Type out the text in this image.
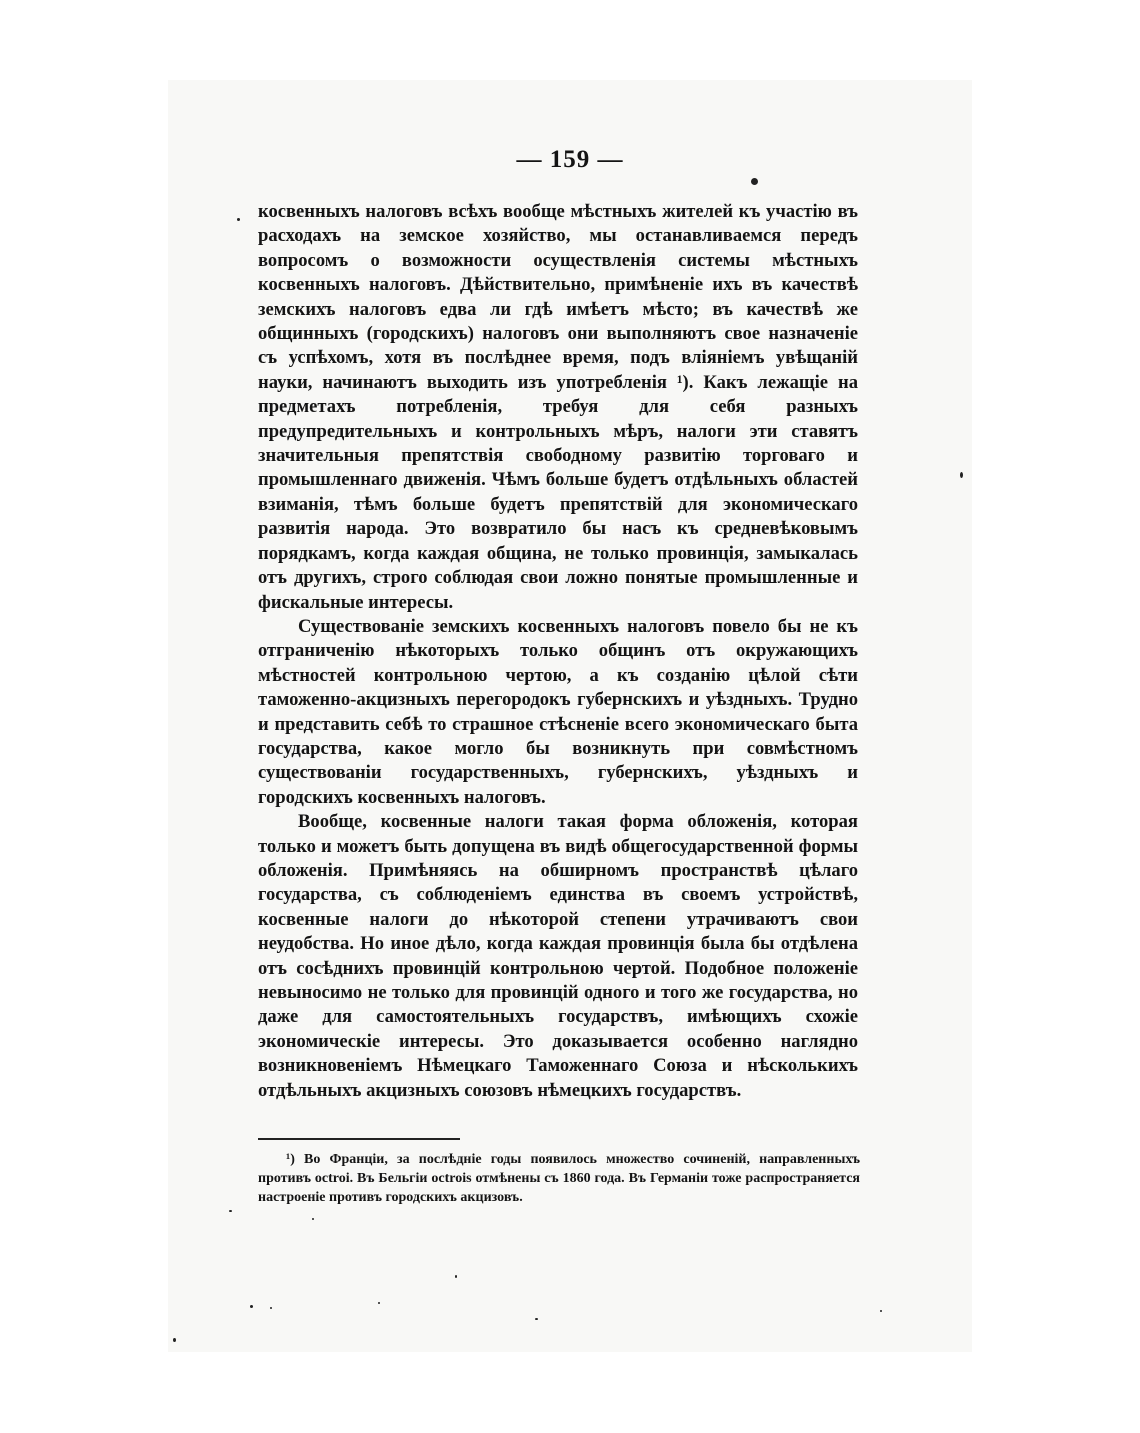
— 159 —

косвенныхъ налоговъ всѣхъ вообще мѣстныхъ жителей къ участію въ расходахъ на земское хозяйство, мы останавливаемся передъ вопросомъ о возможности осуществленія системы мѣстныхъ косвенныхъ налоговъ. Дѣйствительно, примѣненіе ихъ въ качествѣ земскихъ налоговъ едва ли гдѣ имѣетъ мѣсто; въ качествѣ же общинныхъ (городскихъ) налоговъ они выполняютъ свое назначеніе съ успѣхомъ, хотя въ послѣднее время, подъ вліяніемъ увѣщаній науки, начинаютъ выходить изъ употребленія ¹). Какъ лежащіе на предметахъ потребленія, требуя для себя разныхъ предупредительныхъ и контрольныхъ мѣръ, налоги эти ставятъ значительныя препятствія свободному развитію торговаго и промышленнаго движенія. Чѣмъ больше будетъ отдѣльныхъ областей взиманія, тѣмъ больше будетъ препятствій для экономическаго развитія народа. Это возвратило бы насъ къ средневѣковымъ порядкамъ, когда каждая община, не только провинція, замыкалась отъ другихъ, строго соблюдая свои ложно понятые промышленные и фискальные интересы.

Существованіе земскихъ косвенныхъ налоговъ повело бы не къ отграниченію нѣкоторыхъ только общинъ отъ окружающихъ мѣстностей контрольною чертою, а къ созданію цѣлой сѣти таможенно-акцизныхъ перегородокъ губернскихъ и уѣздныхъ. Трудно и представить себѣ то страшное стѣсненіе всего экономическаго быта государства, какое могло бы возникнуть при совмѣстномъ существованіи государственныхъ, губернскихъ, уѣздныхъ и городскихъ косвенныхъ налоговъ.

Вообще, косвенные налоги такая форма обложенія, которая только и можетъ быть допущена въ видѣ общегосударственной формы обложенія. Примѣняясь на обширномъ пространствѣ цѣлаго государства, съ соблюденіемъ единства въ своемъ устройствѣ, косвенные налоги до нѣкоторой степени утрачиваютъ свои неудобства. Но иное дѣло, когда каждая провинція была бы отдѣлена отъ сосѣднихъ провинцій контрольною чертой. Подобное положеніе невыносимо не только для провинцій одного и того же государства, но даже для самостоятельныхъ государствъ, имѣющихъ схожіе экономическіе интересы. Это доказывается особенно наглядно возникновеніемъ Нѣмецкаго Таможеннаго Союза и нѣсколькихъ отдѣльныхъ акцизныхъ союзовъ нѣмецкихъ государствъ.

¹) Во Франціи, за послѣдніе годы появилось множество сочиненій, направленныхъ противъ octroi. Въ Бельгіи octrois отмѣнены съ 1860 года. Въ Германіи тоже распространяется настроеніе противъ городскихъ акцизовъ.
